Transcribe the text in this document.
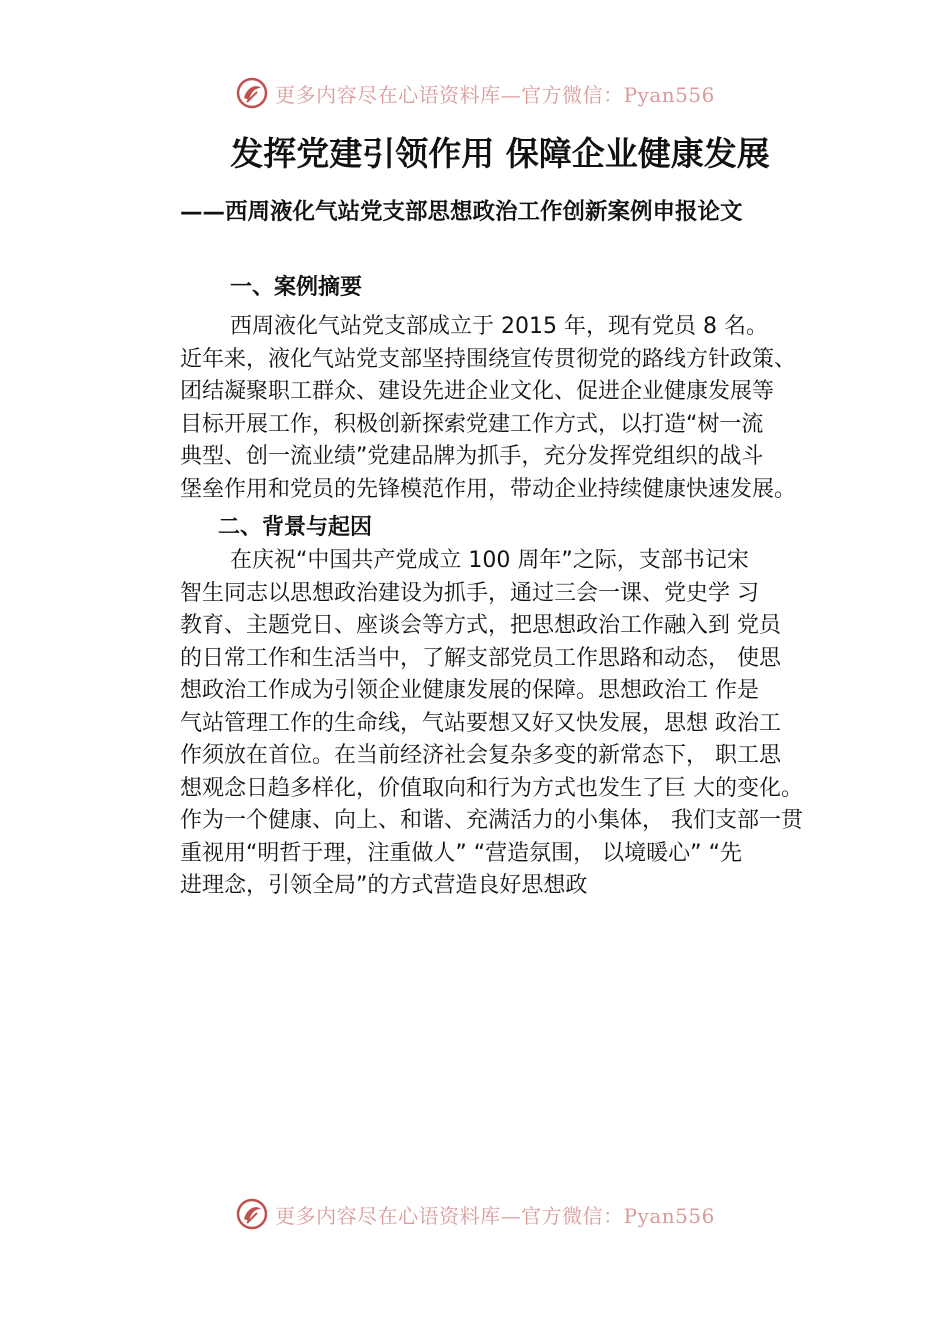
更多内容尽在心语资料库—官方微信：Pyan556
发挥党建引领作用 保障企业健康发展
——西周液化气站党支部思想政治工作创新案例申报论文
一、案例摘要
西周液化气站党支部成立于 2015 年，现有党员 8 名。
近年来，液化气站党支部坚持围绕宣传贯彻党的路线方针政策、
团结凝聚职工群众、建设先进企业文化、促进企业健康发展等
目标开展工作，积极创新探索党建工作方式，以打造“树一流
典型、创一流业绩”党建品牌为抓手，充分发挥党组织的战斗
堡垒作用和党员的先锋模范作用，带动企业持续健康快速发展。
二、背景与起因
在庆祝“中国共产党成立 100 周年”之际，支部书记宋
智生同志以思想政治建设为抓手，通过三会一课、党史学 习
教育、主题党日、座谈会等方式，把思想政治工作融入到 党员
的日常工作和生活当中，了解支部党员工作思路和动态， 使思
想政治工作成为引领企业健康发展的保障。思想政治工 作是
气站管理工作的生命线，气站要想又好又快发展，思想 政治工
作须放在首位。在当前经济社会复杂多变的新常态下， 职工思
想观念日趋多样化，价值取向和行为方式也发生了巨 大的变化。
作为一个健康、向上、和谐、充满活力的小集体， 我们支部一贯
重视用“明哲于理，注重做人” “营造氛围， 以境暖心” “先
进理念，引领全局”的方式营造良好思想政
更多内容尽在心语资料库—官方微信：Pyan556
